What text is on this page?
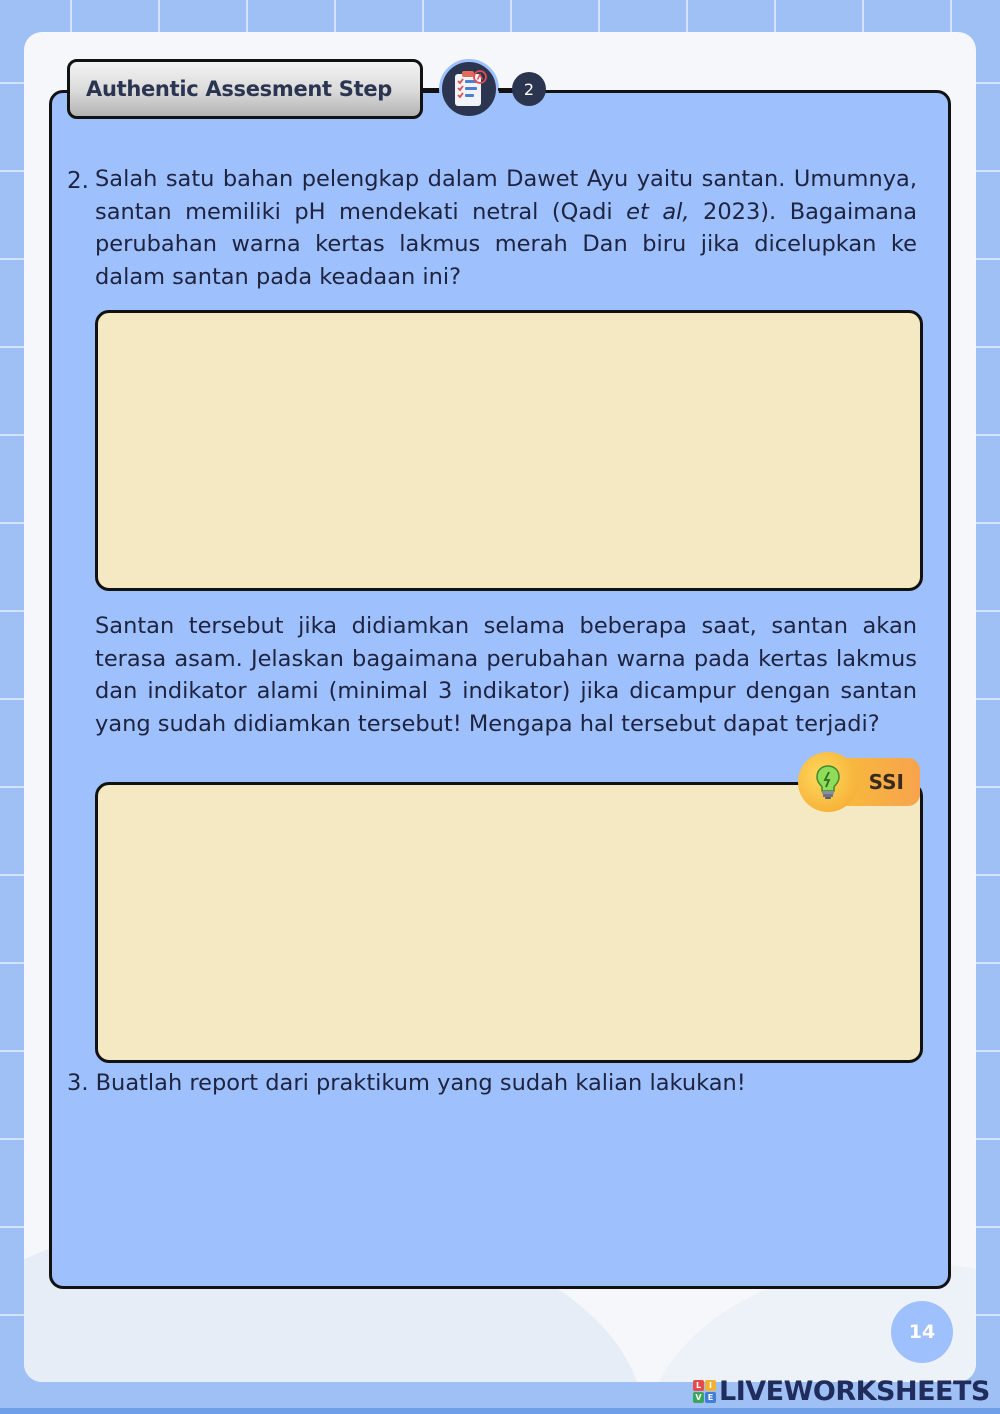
Authentic Assesment Step	2
2. Salah satu bahan pelengkap dalam Dawet Ayu yaitu santan. Umumnya, santan memiliki pH mendekati netral (Qadi et al, 2023). Bagaimana perubahan warna kertas lakmus merah Dan biru jika dicelupkan ke dalam santan pada keadaan ini?
Santan tersebut jika didiamkan selama beberapa saat, santan akan terasa asam. Jelaskan bagaimana perubahan warna pada kertas lakmus dan indikator alami (minimal 3 indikator) jika dicampur dengan santan yang sudah didiamkan tersebut! Mengapa hal tersebut dapat terjadi?
SSI
3. Buatlah report dari praktikum yang sudah kalian lakukan!
14
L I
V E LIVEWORKSHEETS
